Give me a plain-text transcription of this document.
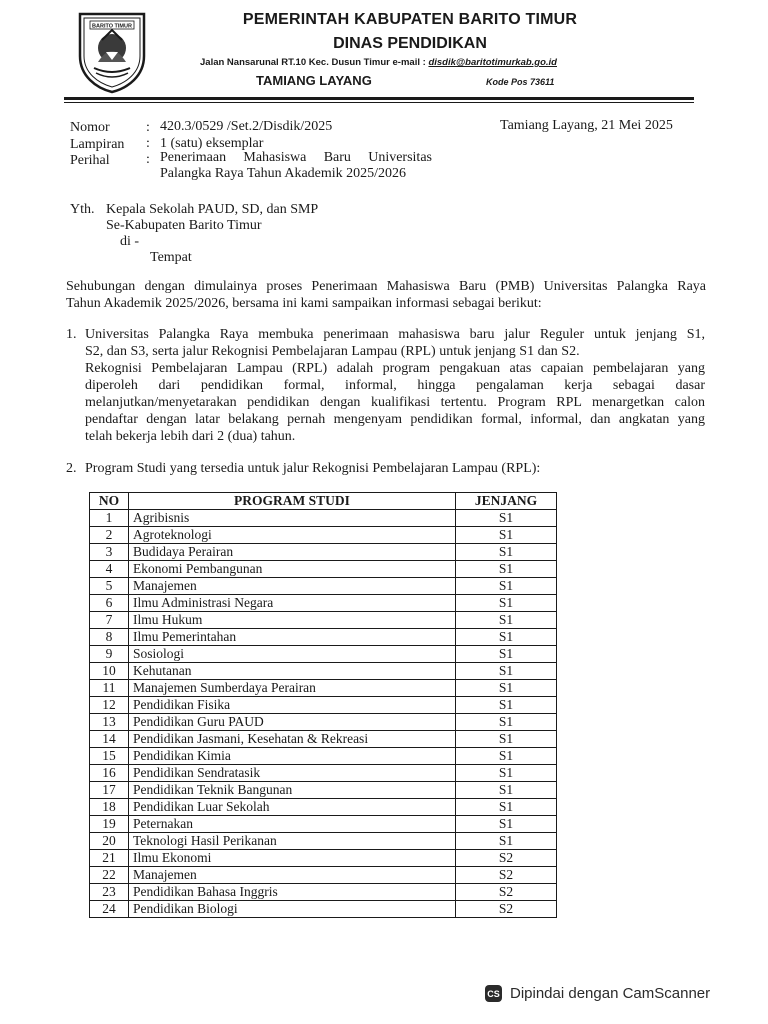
BARITO TIMUR	PEMERINTAH KABUPATEN BARITO TIMUR
DINAS PENDIDIKAN
Jalan Nansarunal RT.10 Kec. Dusun Timur e-mail : disdik@baritotimurkab.go.id
TAMIANG LAYANG	Kode Pos 73611
Nomor	: 420.3/0529 /Set.2/Disdik/2025
Lampiran : 1 (satu) eksemplar
Perihal	: Penerimaan Mahasiswa Baru Universitas
Palangka Raya Tahun Akademik 2025/2026
Tamiang Layang, 21 Mei 2025
Yth. Kepala Sekolah PAUD, SD, dan SMP
Se-Kabupaten Barito Timur
di -
Tempat
Sehubungan dengan dimulainya proses Penerimaan Mahasiswa Baru (PMB) Universitas Palangka Raya
Tahun Akademik 2025/2026, bersama ini kami sampaikan informasi sebagai berikut:
1. Universitas Palangka Raya membuka penerimaan mahasiswa baru jalur Reguler untuk jenjang S1,
S2, dan S3, serta jalur Rekognisi Pembelajaran Lampau (RPL) untuk jenjang S1 dan S2.
Rekognisi Pembelajaran Lampau (RPL) adalah program pengakuan atas capaian pembelajaran yang
diperoleh dari pendidikan formal, informal, hingga pengalaman kerja sebagai dasar
melanjutkan/menyetarakan pendidikan dengan kualifikasi tertentu. Program RPL menargetkan calon
pendaftar dengan latar belakang pernah mengenyam pendidikan formal, informal, dan angkatan yang
telah bekerja lebih dari 2 (dua) tahun.
2. Program Studi yang tersedia untuk jalur Rekognisi Pembelajaran Lampau (RPL):
NO	PROGRAM STUDI	JENJANG
1	Agribisnis	S1
2	Agroteknologi	S1
3	Budidaya Perairan	S1
4	Ekonomi Pembangunan	S1
5	Manajemen	S1
6	Ilmu Administrasi Negara	S1
7	Ilmu Hukum	S1
8	Ilmu Pemerintahan	S1
9	Sosiologi	S1
10	Kehutanan	S1
11	Manajemen Sumberdaya Perairan	S1
12	Pendidikan Fisika	S1
13	Pendidikan Guru PAUD	S1
14	Pendidikan Jasmani, Kesehatan & Rekreasi	S1
15	Pendidikan Kimia	S1
16	Pendidikan Sendratasik	S1
17	Pendidikan Teknik Bangunan	S1
18	Pendidikan Luar Sekolah	S1
19	Peternakan	S1
20	Teknologi Hasil Perikanan	S1
21	Ilmu Ekonomi	S2
22	Manajemen	S2
23	Pendidikan Bahasa Inggris	S2
24	Pendidikan Biologi	S2
CS Dipindai dengan CamScanner
